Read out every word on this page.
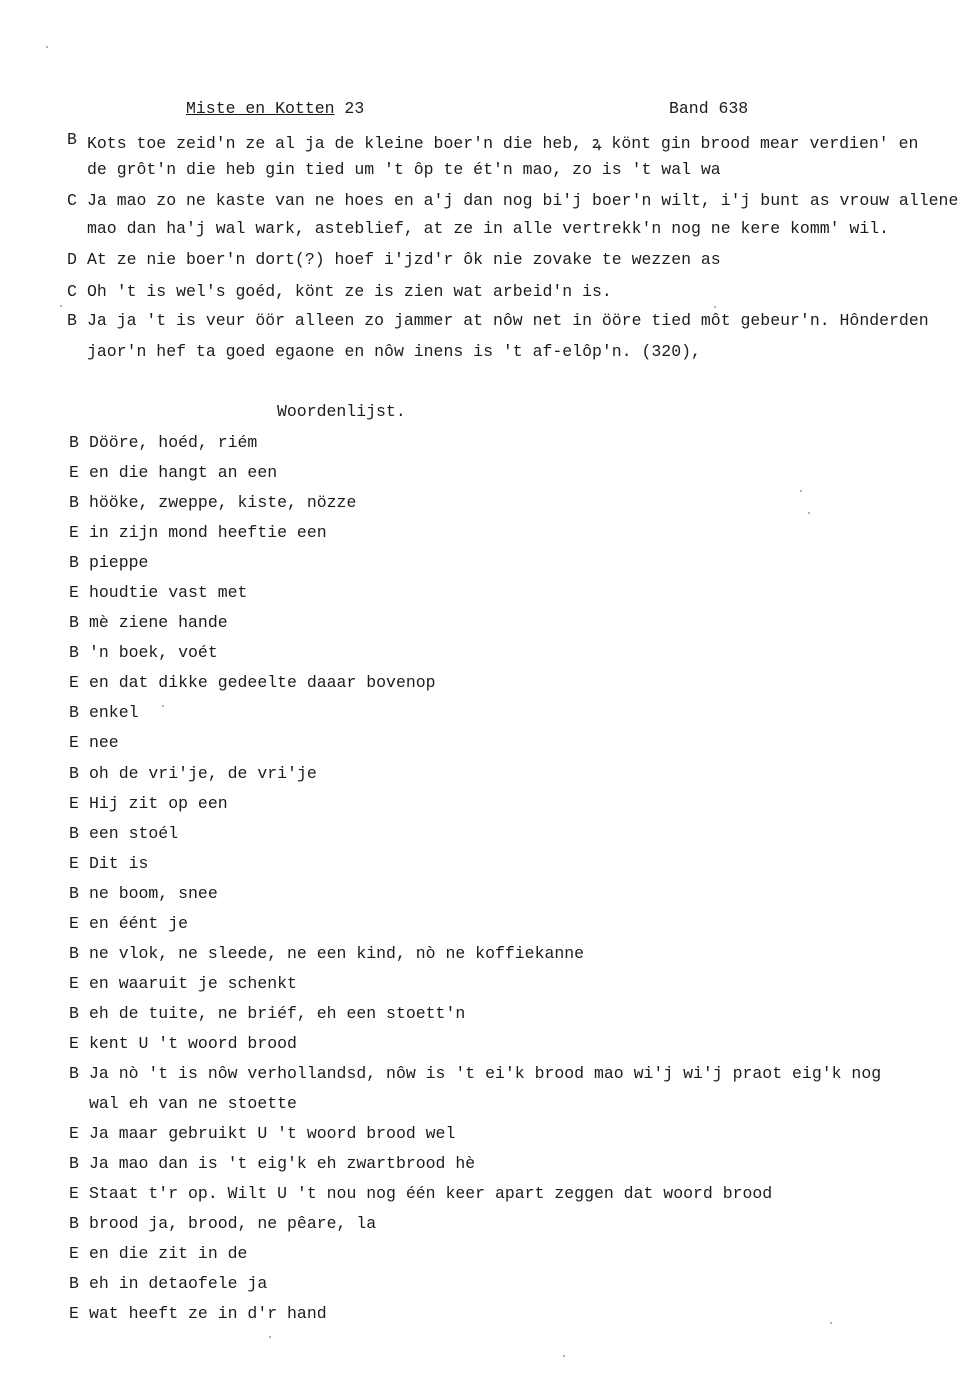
Miste en Kotten 23	Band 638
B Kots toe zeid'n ze al ja de kleine boer'n die heb, ꝝ könt gin brood mear verdien' en
de grôt'n die heb gin tied um 't ôp te ét'n mao, zo is 't wal wa
C Ja mao zo ne kaste van ne hoes en a'j dan nog bi'j boer'n wilt, i'j bunt as vrouw allene
mao dan ha'j wal wark, asteblief, at ze in alle vertrekk'n nog ne kere komm' wil.
D At ze nie boer'n dort(?) hoef i'jzd'r ôk nie zovake te wezzen as
C Oh 't is wel's goéd, könt ze is zien wat arbeid'n is.
B Ja ja 't is veur öör alleen zo jammer at nôw net in ööre tied môt gebeur'n. Hônderden
jaor'n hef ta goed egaone en nôw inens is 't af-elôp'n. (320),
Woordenlijst.
B Dööre, hoéd, riém
E en die hangt an een
B hööke, zweppe, kiste, nözze
E in zijn mond heeftie een
B pieppe
E houdtie vast met
B mè ziene hande
B 'n boek, voét
E en dat dikke gedeelte daaar bovenop
B enkel
E nee
B oh de vri'je, de vri'je
E Hij zit op een
B een stoél
E Dit is
B ne boom, snee
E en éént je
B ne vlok, ne sleede, ne een kind, nò ne koffiekanne
E en waaruit je schenkt
B eh de tuite, ne briéf, eh een stoett'n
E kent U 't woord brood
B Ja nò 't is nôw verhollandsd, nôw is 't ei'k brood mao wi'j wi'j praot eig'k nog
wal eh van ne stoette
E Ja maar gebruikt U 't woord brood wel
B Ja mao dan is 't eig'k eh zwartbrood hè
E Staat t'r op. Wilt U 't nou nog één keer apart zeggen dat woord brood
B brood ja, brood, ne pêare, la
E en die zit in de
B eh in detaofele ja
E wat heeft ze in d'r hand
